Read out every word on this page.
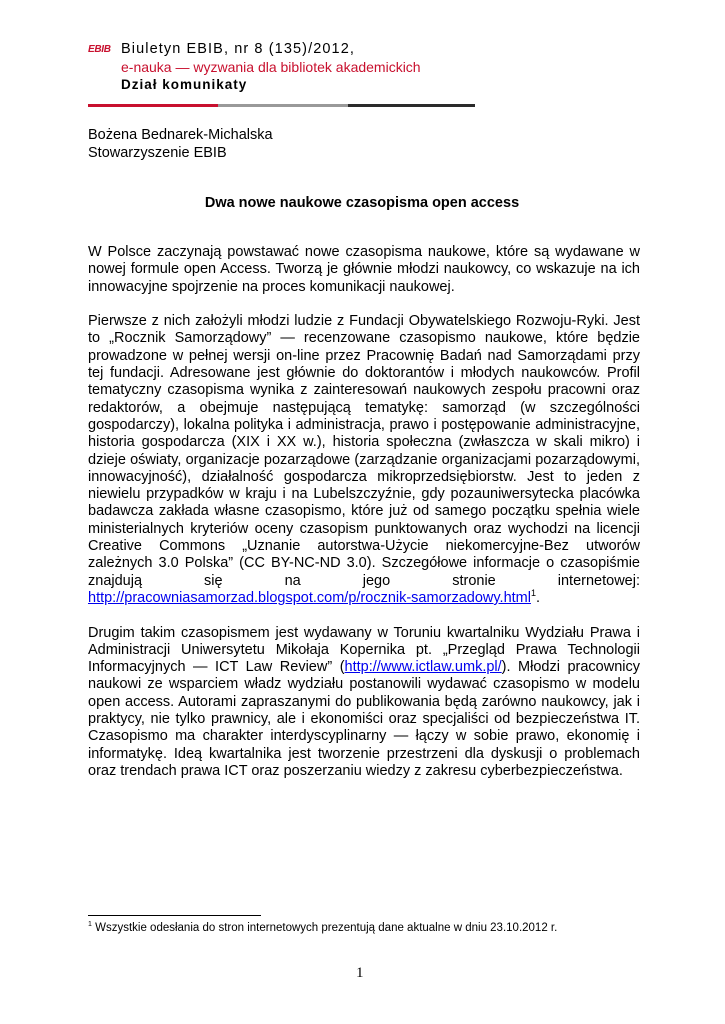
EBIB Biuletyn EBIB, nr 8 (135)/2012,
e-nauka — wyzwania dla bibliotek akademickich
Dział komunikaty
Bożena Bednarek-Michalska
Stowarzyszenie EBIB
Dwa nowe naukowe czasopisma open access

W Polsce zaczynają powstawać nowe czasopisma naukowe, które są wydawane w nowej formule open Access. Tworzą je głównie młodzi naukowcy, co wskazuje na ich innowacyjne spojrzenie na proces komunikacji naukowej.

Pierwsze z nich założyli młodzi ludzie z Fundacji Obywatelskiego Rozwoju-Ryki. Jest to „Rocznik Samorządowy” — recenzowane czasopismo naukowe, które będzie prowadzone w pełnej wersji on-line przez Pracownię Badań nad Samorządami przy tej fundacji. Adresowane jest głównie do doktorantów i młodych naukowców. Profil tematyczny czasopisma wynika z zainteresowań naukowych zespołu pracowni oraz redaktorów, a obejmuje następującą tematykę: samorząd (w szczególności gospodarczy), lokalna polityka i administracja, prawo i postępowanie administracyjne, historia gospodarcza (XIX i XX w.), historia społeczna (zwłaszcza w skali mikro) i dzieje oświaty, organizacje pozarządowe (zarządzanie organizacjami pozarządowymi, innowacyjność), działalność gospodarcza mikroprzedsiębiorstw. Jest to jeden z niewielu przypadków w kraju i na Lubelszczyźnie, gdy pozauniwersytecka placówka badawcza zakłada własne czasopismo, które już od samego początku spełnia wiele ministerialnych kryteriów oceny czasopism punktowanych oraz wychodzi na licencji Creative Commons „Uznanie autorstwa-Użycie niekomercyjne-Bez utworów zależnych 3.0 Polska” (CC BY-NC-ND 3.0). Szczegółowe informacje o czasopiśmie znajdują się na jego stronie internetowej: http://pracowniasamorzad.blogspot.com/p/rocznik-samorzadowy.html$^1$.

Drugim takim czasopismem jest wydawany w Toruniu kwartalniku Wydziału Prawa i Administracji Uniwersytetu Mikołaja Kopernika pt. „Przegląd Prawa Technologii Informacyjnych — ICT Law Review” (http://www.ictlaw.umk.pl/). Młodzi pracownicy naukowi ze wsparciem władz wydziału postanowili wydawać czasopismo w modelu open access. Autorami zapraszanymi do publikowania będą zarówno naukowcy, jak i praktycy, nie tylko prawnicy, ale i ekonomiści oraz specjaliści od bezpieczeństwa IT. Czasopismo ma charakter interdyscyplinarny — łączy w sobie prawo, ekonomię i informatykę. Ideą kwartalnika jest tworzenie przestrzeni dla dyskusji o problemach oraz trendach prawa ICT oraz poszerzaniu wiedzy z zakresu cyberbezpieczeństwa.

$^1$ Wszystkie odesłania do stron internetowych prezentują dane aktualne w dniu 23.10.2012 r.
1
